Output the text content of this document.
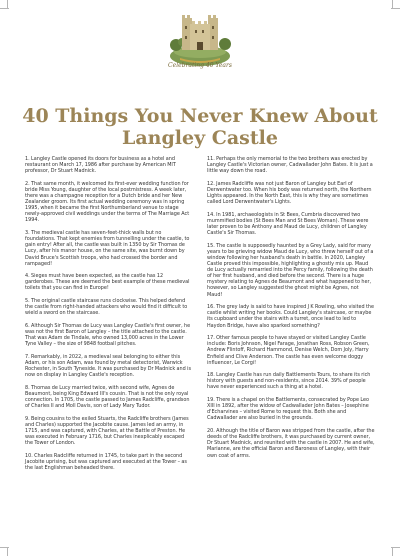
Celebrating 40 Years
40 Things You Never Knew About
Langley Castle

1. Langley Castle opened its doors for business as a hotel and restaurant on March 17, 1986 after purchase by American MIT professor, Dr Stuart Madnick.

2. That same month, it welcomed its first-ever wedding function for bride Miss Young, daughter of the local postmistress. A week later, there was a champagne reception for a Dutch bride and her New Zealander groom. Its first actual wedding ceremony was in spring 1995, when it became the first Northumberland venue to stage newly-approved civil weddings under the terms of The Marriage Act 1994.

3. The medieval castle has seven-feet-thick walls but no foundations. That kept enemies from tunnelling under the castle, to gain entry! After all, the castle was built in 1350 by Sir Thomas de Lucy, after his manor house, on the same site, was burnt down by David Bruce's Scottish troops, who had crossed the border and rampaged!

4. Sieges must have been expected, as the castle has 12 garderobes. These are deemed the best example of these medieval toilets that you can find in Europe!

5. The original castle staircase runs clockwise. This helped defend the castle from right-handed attackers who would find it difficult to wield a sword on the staircase.

6. Although Sir Thomas de Lucy was Langley Castle's first owner, he was not the first Baron of Langley – the title attached to the castle. That was Adam de Tindale, who owned 13,000 acres in the Lower Tyne Valley – the size of 9848 football pitches.

7. Remarkably, in 2022, a medieval seal belonging to either this Adam, or his son Adam, was found by metal detectorist, Warwick Rochester, in South Tyneside. It was purchased by Dr Madnick and is now on display in Langley Castle's reception.

8. Thomas de Lucy married twice, with second wife, Agnes de Beaumont, being King Edward III's cousin. That is not the only royal connection. In 1705, the castle passed to James Radcliffe, grandson of Charles II and Moll Davis, son of Lady Mary Tudor.

9. Being cousins to the exiled Stuarts, the Radcliffe brothers (James and Charles) supported the Jacobite cause. James led an army, in 1715, and was captured, with Charles, at the Battle of Preston. He was executed in February 1716, but Charles inexplicably escaped the Tower of London.

10. Charles Radcliffe returned in 1745, to take part in the second Jacobite uprising, but was captured and executed at the Tower – as the last Englishman beheaded there.

11. Perhaps the only memorial to the two brothers was erected by Langley Castle's Victorian owner, Cadwallader John Bates. It is just a little way down the road.

12. James Radcliffe was not just Baron of Langley but Earl of Derwentwater too. When his body was returned north, the Northern Lights appeared. In the North East, this is why they are sometimes called Lord Derwentwater's Lights.

14. In 1981, archaeologists in St Bees, Cumbria discovered two mummified bodies (St Bees Man and St Bees Woman). These were later proven to be Anthony and Maud de Lucy, children of Langley Castle's Sir Thomas.

15. The castle is supposedly haunted by a Grey Lady, said for many years to be grieving widow Maud de Lucy, who threw herself out of a window following her husband's death in battle. In 2020, Langley Castle proved this impossible, highlighting a ghostly mix up. Maud de Lucy actually remarried into the Percy family, following the death of her first husband, and died before the second. There is a huge mystery relating to Agnes de Beaumont and what happened to her, however, so Langley suggested the ghost might be Agnes, not Maud!

16. The grey lady is said to have inspired J K Rowling, who visited the castle whilst writing her books. Could Langley's staircase, or maybe its cupboard under the stairs with a turret, once lead to led to Haydon Bridge, have also sparked something?

17. Other famous people to have stayed or visited Langley Castle include: Boris Johnson, Nigel Farage, Jonathan Ross, Robson Green, Andrew Flintoff, Richard Hammond, Denise Welch, Dom Joly, Harry Enfield and Clive Anderson. The castle has even welcome doggy influencer, Le Corgi!

18. Langley Castle has run daily Battlements Tours, to share its rich history with guests and non-residents, since 2014. 39% of people have never experienced such a thing at a hotel.

19. There is a chapel on the Battlements, consecrated by Pope Leo XIII in 1892, after the widow of Cadwallader John Bates – Josephine d'Echarvines – visited Rome to request this. Both she and Cadwallader are also buried in the grounds.

20. Although the title of Baron was stripped from the castle, after the deeds of the Radcliffe brothers, it was purchased by current owner, Dr Stuart Madnick, and reunited with the castle in 2007. He and wife, Marianne, are the official Baron and Baroness of Langley, with their own coat of arms.
